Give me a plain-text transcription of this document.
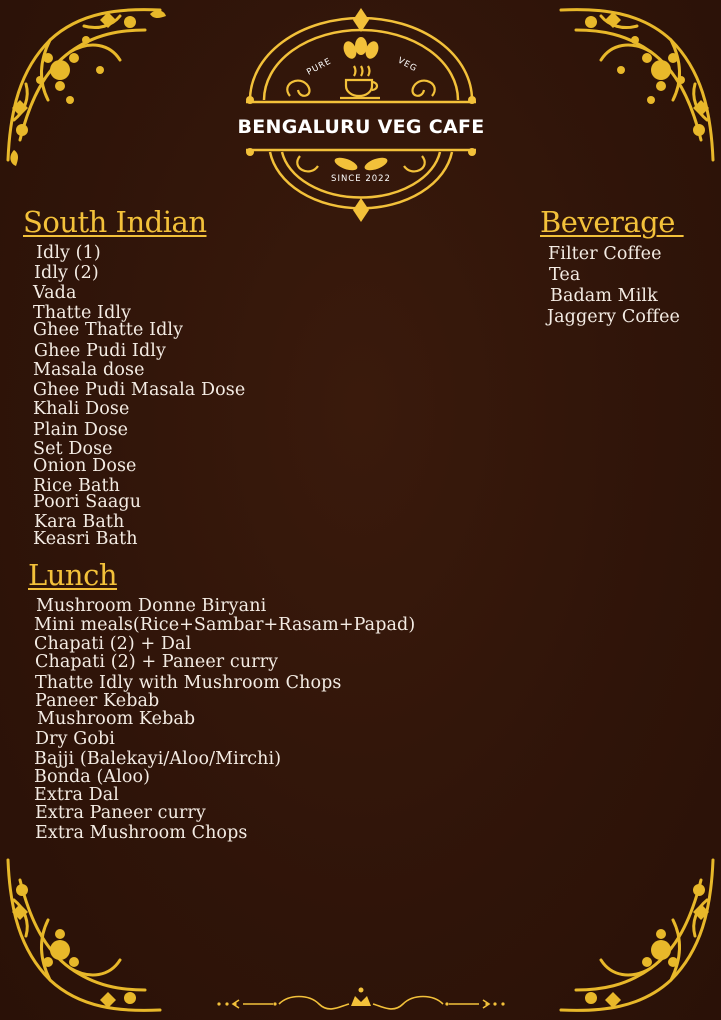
PURE	VEG
BENGALURU VEG CAFE
SINCE 2022
South Indian
Idly (1)
Idly (2)
Vada
Thatte Idly
Ghee Thatte Idly
Ghee Pudi Idly
Masala dose
Ghee Pudi Masala Dose
Khali Dose
Plain Dose
Set Dose
Onion Dose
Rice Bath
Poori Saagu
Kara Bath
Keasri Bath
Lunch
Mushroom Donne Biryani
Mini meals(Rice+Sambar+Rasam+Papad)
Chapati (2) + Dal
Chapati (2) + Paneer curry
Thatte Idly with Mushroom Chops
Paneer Kebab
Mushroom Kebab
Dry Gobi
Bajji (Balekayi/Aloo/Mirchi)
Bonda (Aloo)
Extra Dal
Extra Paneer curry
Extra Mushroom Chops
Beverage
Filter Coffee
Tea
Badam Milk
Jaggery Coffee
